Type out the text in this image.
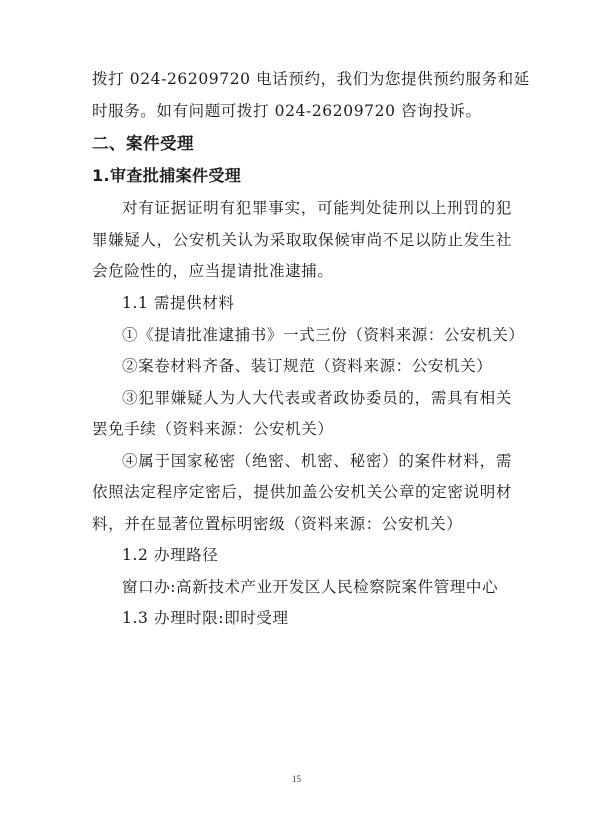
拨打 024-26209720 电话预约，我们为您提供预约服务和延
时服务。如有问题可拨打 024-26209720 咨询投诉。
二、案件受理
1.审查批捕案件受理
对有证据证明有犯罪事实，可能判处徒刑以上刑罚的犯
罪嫌疑人，公安机关认为采取取保候审尚不足以防止发生社
会危险性的，应当提请批准逮捕。
1.1 需提供材料
①《提请批准逮捕书》一式三份（资料来源：公安机关）
②案卷材料齐备、装订规范（资料来源：公安机关）
③犯罪嫌疑人为人大代表或者政协委员的，需具有相关
罢免手续（资料来源：公安机关）
④属于国家秘密（绝密、机密、秘密）的案件材料，需
依照法定程序定密后，提供加盖公安机关公章的定密说明材
料，并在显著位置标明密级（资料来源：公安机关）
1.2 办理路径
窗口办:高新技术产业开发区人民检察院案件管理中心
1.3 办理时限:即时受理
15
